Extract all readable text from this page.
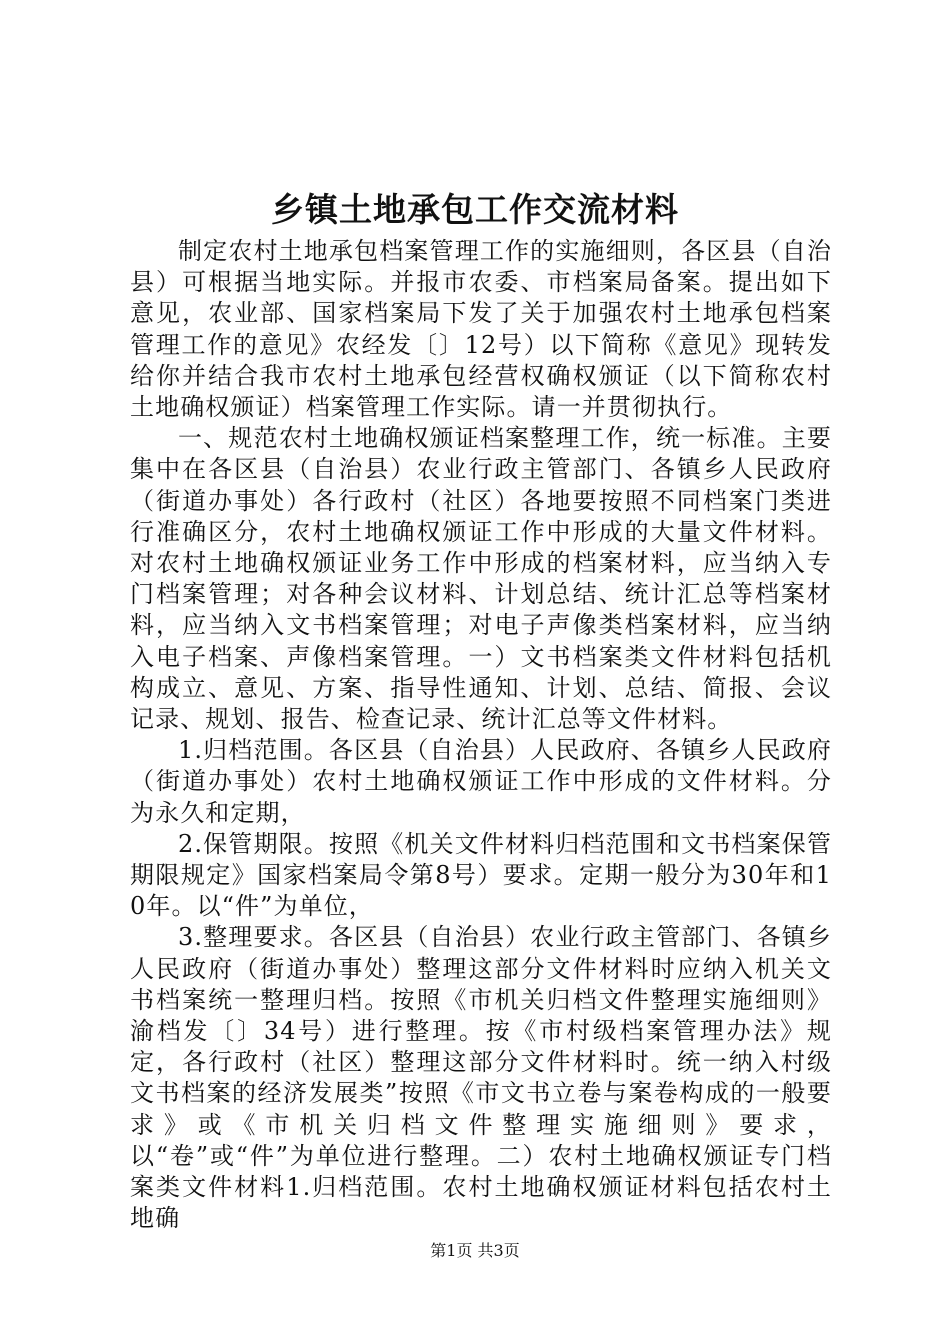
乡镇土地承包工作交流材料

制定农村土地承包档案管理工作的实施细则，各区县（自治县）可根据当地实际。并报市农委、市档案局备案。提出如下意见，农业部、国家档案局下发了关于加强农村土地承包档案管理工作的意见》农经发〔〕12号）以下简称《意见》现转发给你并结合我市农村土地承包经营权确权颁证（以下简称农村土地确权颁证）档案管理工作实际。请一并贯彻执行。

一、规范农村土地确权颁证档案整理工作，统一标准。主要集中在各区县（自治县）农业行政主管部门、各镇乡人民政府（街道办事处）各行政村（社区）各地要按照不同档案门类进行准确区分，农村土地确权颁证工作中形成的大量文件材料。对农村土地确权颁证业务工作中形成的档案材料，应当纳入专门档案管理；对各种会议材料、计划总结、统计汇总等档案材料，应当纳入文书档案管理；对电子声像类档案材料，应当纳入电子档案、声像档案管理。一）文书档案类文件材料包括机构成立、意见、方案、指导性通知、计划、总结、简报、会议记录、规划、报告、检查记录、统计汇总等文件材料。

1.归档范围。各区县（自治县）人民政府、各镇乡人民政府（街道办事处）农村土地确权颁证工作中形成的文件材料。分为永久和定期，

2.保管期限。按照《机关文件材料归档范围和文书档案保管期限规定》国家档案局令第8号）要求。定期一般分为30年和10年。以“件”为单位，

3.整理要求。各区县（自治县）农业行政主管部门、各镇乡人民政府（街道办事处）整理这部分文件材料时应纳入机关文书档案统一整理归档。按照《市机关归档文件整理实施细则》渝档发〔〕34号）进行整理。按《市村级档案管理办法》规定，各行政村（社区）整理这部分文件材料时。统一纳入村级文书档案的经济发展类”按照《市文书立卷与案卷构成的一般要求》或《市机关归档文件整理实施细则》要求，以“卷”或“件”为单位进行整理。二）农村土地确权颁证专门档案类文件材料1.归档范围。农村土地确权颁证材料包括农村土地确

第1页 共3页
